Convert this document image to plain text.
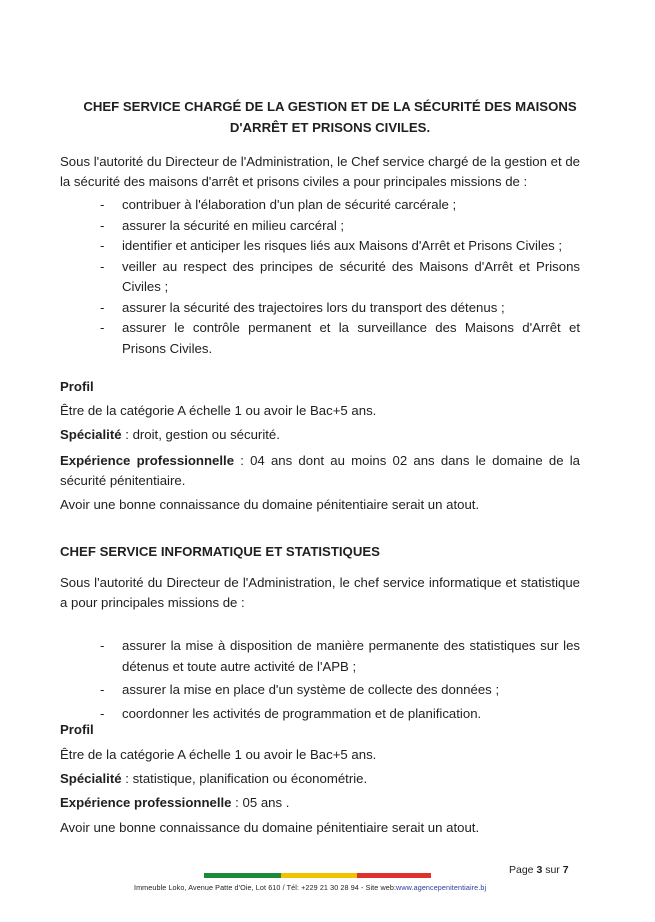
CHEF SERVICE CHARGÉ DE LA GESTION ET DE LA SÉCURITÉ DES MAISONS
D'ARRÊT ET PRISONS CIVILES.
Sous l'autorité du Directeur de l'Administration, le Chef service chargé de la gestion et de la sécurité des maisons d'arrêt et prisons civiles a pour principales missions de :
- contribuer à l'élaboration d'un plan de sécurité carcérale ;
- assurer la sécurité en milieu carcéral ;
- identifier et anticiper les risques liés aux Maisons d'Arrêt et Prisons Civiles ;
- veiller au respect des principes de sécurité des Maisons d'Arrêt et Prisons Civiles ;
- assurer la sécurité des trajectoires lors du transport des détenus ;
- assurer le contrôle permanent et la surveillance des Maisons d'Arrêt et Prisons Civiles.
Profil
Être de la catégorie A échelle 1 ou avoir le Bac+5 ans.
Spécialité : droit, gestion ou sécurité.
Expérience professionnelle : 04 ans dont au moins 02 ans dans le domaine de la sécurité pénitentiaire.
Avoir une bonne connaissance du domaine pénitentiaire serait un atout.
CHEF SERVICE INFORMATIQUE ET STATISTIQUES
Sous l'autorité du Directeur de l'Administration, le chef service informatique et statistique a pour principales missions de :
- assurer la mise à disposition de manière permanente des statistiques sur les détenus et toute autre activité de l'APB ;
- assurer la mise en place d'un système de collecte des données ;
- coordonner les activités de programmation et de planification.
Profil
Être de la catégorie A échelle 1 ou avoir le Bac+5 ans.
Spécialité : statistique, planification ou économétrie.
Expérience professionnelle : 05 ans .
Avoir une bonne connaissance du domaine pénitentiaire serait un atout.
Page 3 sur 7
Immeuble Loko, Avenue Patte d'Oie, Lot 610 / Tél: +229 21 30 28 94 - Site web:www.agencepenitentiaire.bj
